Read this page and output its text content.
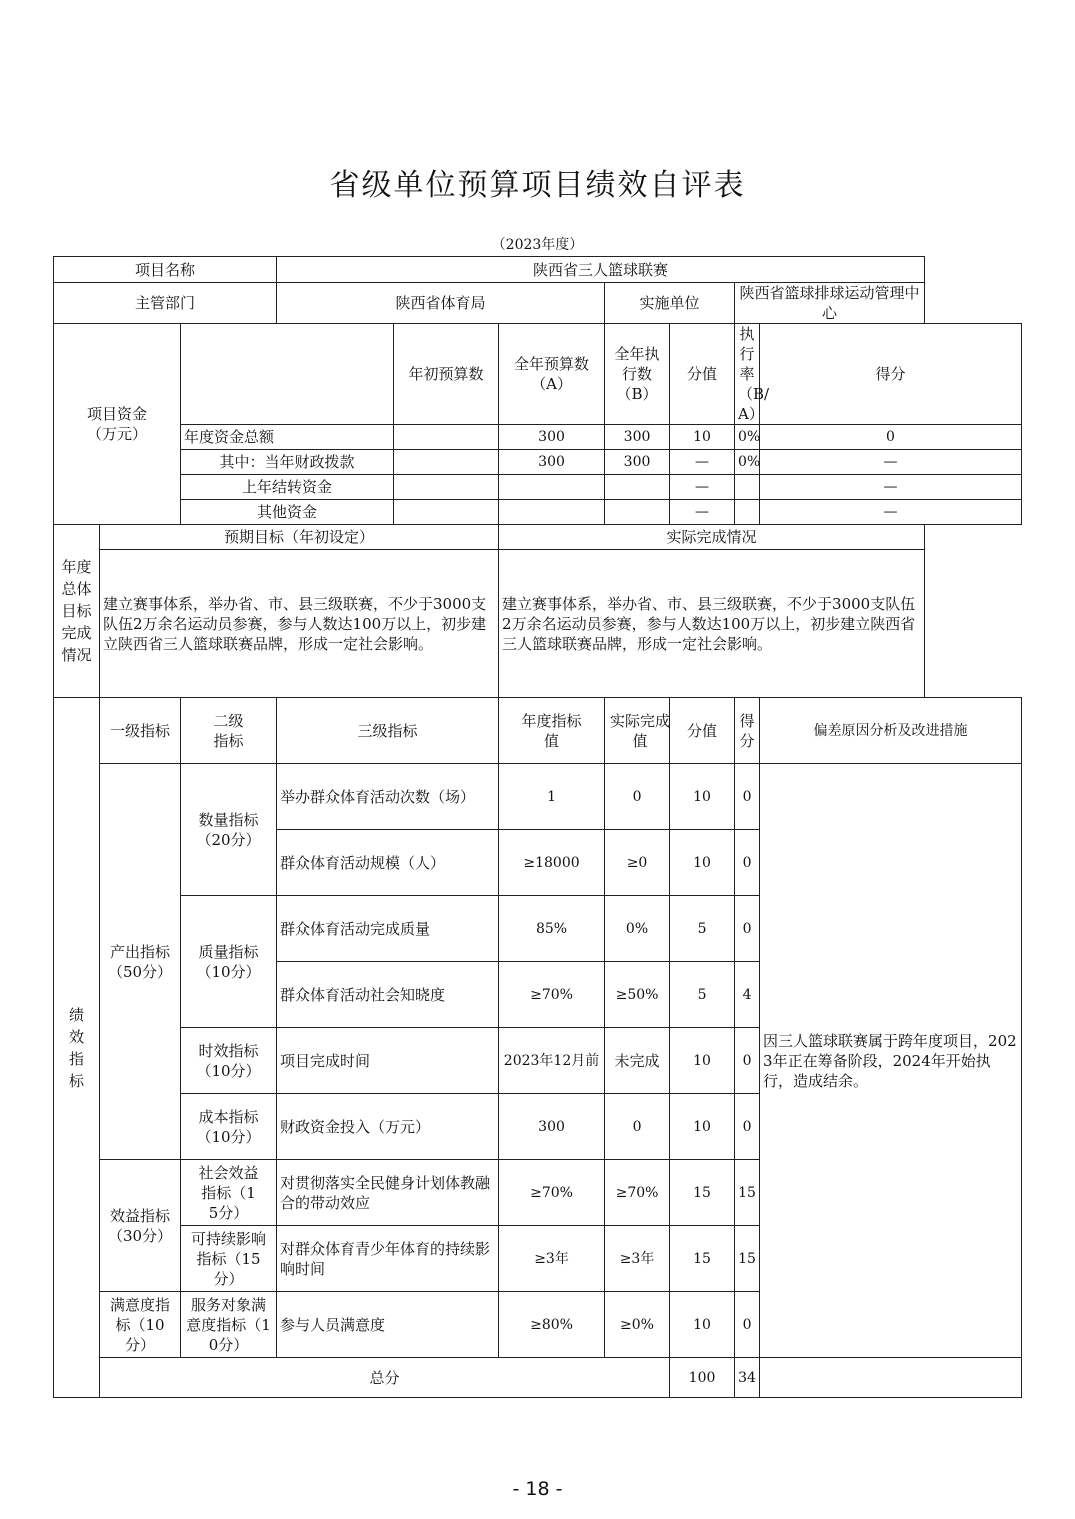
省级单位预算项目绩效自评表
（2023年度）
项目名称			陕西省三人篮球联赛						
主管部门			陕西省体育局			实施单位		陕西省篮球排球运动管理中心	

项目资金（万元）				年初预算数	全年预算数（A）	全年执行数（B）	分值	执行率（B/A）	得分
		年度资金总额			300	300	10	0%	0
		其中：当年财政拨款			300	300	—	0%	—
		上年结转资金					—		—
		其他资金					—		—

年度总体目标完成情况	预期目标（年初设定）				实际完成情况				
	建立赛事体系，举办省、市、县三级联赛，不少于3000支队伍2万余名运动员参赛，参与人数达100万以上，初步建立陕西省三人篮球联赛品牌，形成一定社会影响。				建立赛事体系，举办省、市、县三级联赛，不少于3000支队伍2万余名运动员参赛，参与人数达100万以上，初步建立陕西省三人篮球联赛品牌，形成一定社会影响。				

绩效指标	一级指标	二级指标	三级指标		年度指标值	实际完成值	分值	得分	偏差原因分析及改进措施

	产出指标（50分）	数量指标（20分）	举办群众体育活动次数（场）		1	0	10	0	因三人篮球联赛属于跨年度项目，2023年正在筹备阶段，2024年开始执行，造成结余。
			群众体育活动规模（人）		≥18000	≥0	10	0	

		质量指标（10分）	群众体育活动完成质量		85%	0%	5	0	
			群众体育活动社会知晓度		≥70%	≥50%	5	4	

		时效指标（10分）	项目完成时间		2023年12月前	未完成	10	0	

		成本指标（10分）	财政资金投入（万元）		300	0	10	0	

	效益指标（30分）	社会效益指标（15分）	对贯彻落实全民健身计划体教融合的带动效应		≥70%	≥70%	15	15	

		可持续影响指标（15分）	对群众体育青少年体育的持续影响时间		≥3年	≥3年	15	15	

	满意度指标（10分）	服务对象满意度指标（10分）	参与人员满意度		≥80%	≥0%	10	0	
	总分						100	34	
- 18 -
